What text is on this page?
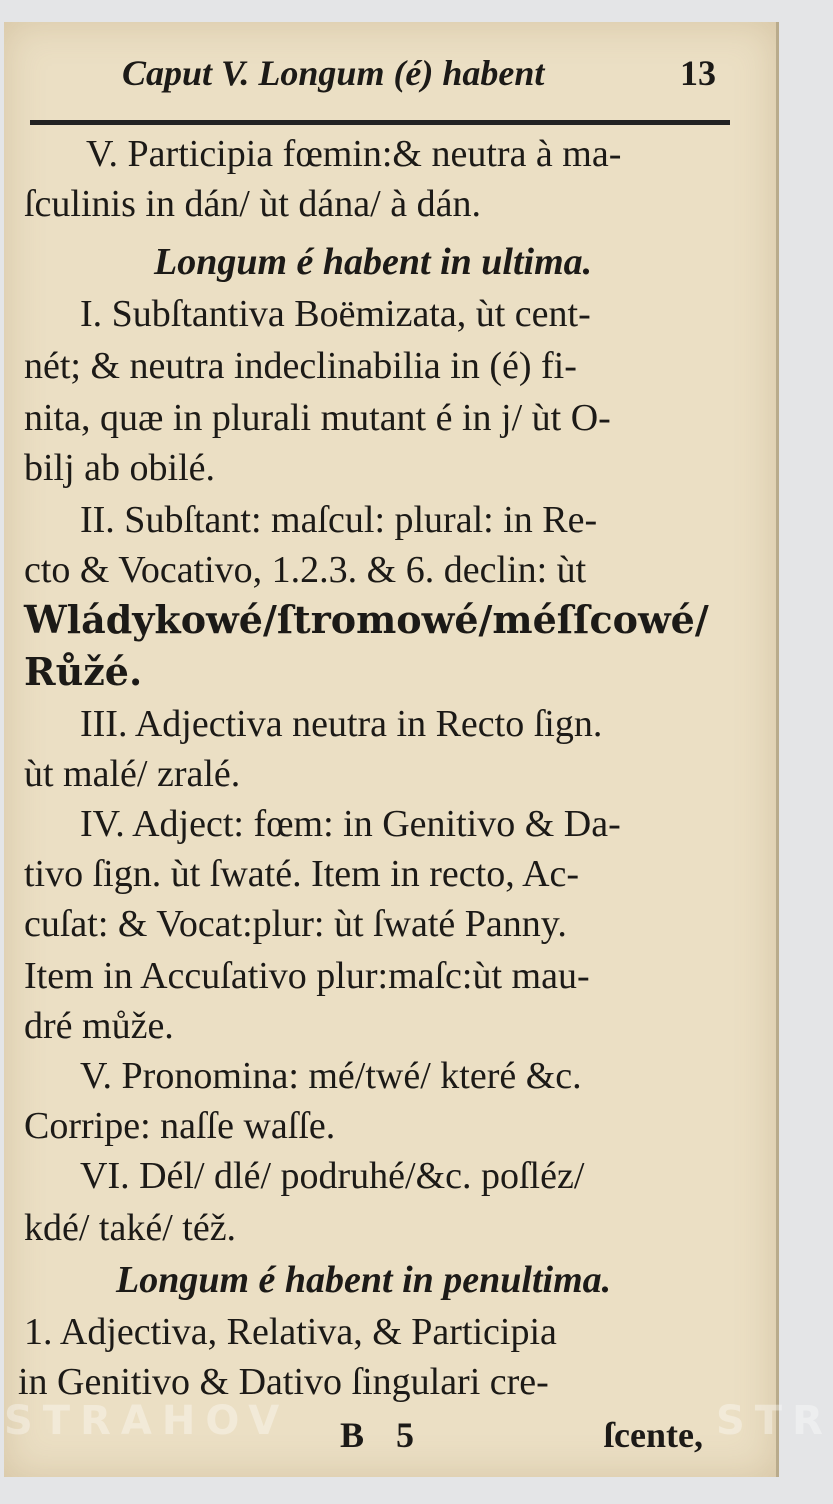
Caput V. Longum (é) habent	13
V. Participia fœmin:& neutra à ma-
ſculinis in dán/ ùt dána/ à dán.
Longum é habent in ultima.
I. Subſtantiva Boëmizata, ùt cent-
nét; & neutra indeclinabilia in (é) fi-
nita, quæ in plurali mutant é in j/ ùt O-
bilj ab obilé.
II. Subſtant: maſcul: plural: in Re-
cto & Vocativo, 1.2.3. & 6. declin: ùt
Wládykowé/ſtromowé/méſſcowé/
Růžé.
III. Adjectiva neutra in Recto ſign.
ùt malé/ zralé.
IV. Adject: fœm: in Genitivo & Da-
tivo ſign. ùt ſwaté. Item in recto, Ac-
cuſat: & Vocat:plur: ùt ſwaté Panny.
Item in Accuſativo plur:maſc:ùt mau-
dré může.
V. Pronomina: mé/twé/ které &c.
Corripe: naſſe waſſe.
VI. Dél/ dlé/ podruhé/&c. poſléz/
kdé/ také/ též.
Longum é habent in penultima.
1. Adjectiva, Relativa, & Participia
in Genitivo & Dativo ſingulari cre-
STRAHOV	STR
B 5	ſcente,
